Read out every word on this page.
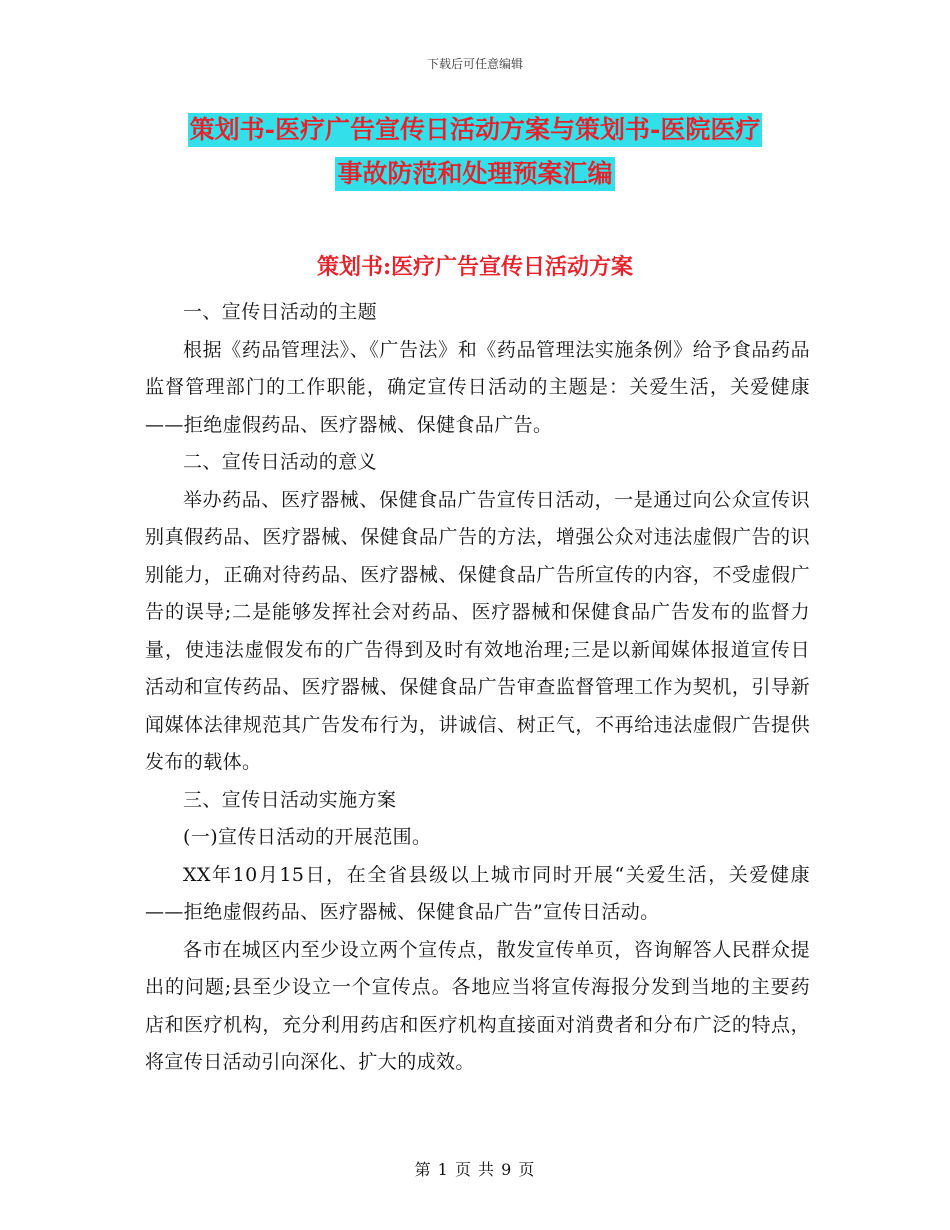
下载后可任意编辑
策划书-医疗广告宣传日活动方案与策划书-医院医疗
事故防范和处理预案汇编
策划书:医疗广告宣传日活动方案

一、宣传日活动的主题

根据《药品管理法》、《广告法》和《药品管理法实施条例》给予食品药品监督管理部门的工作职能，确定宣传日活动的主题是：关爱生活，关爱健康——拒绝虚假药品、医疗器械、保健食品广告。

二、宣传日活动的意义

举办药品、医疗器械、保健食品广告宣传日活动，一是通过向公众宣传识别真假药品、医疗器械、保健食品广告的方法，增强公众对违法虚假广告的识别能力，正确对待药品、医疗器械、保健食品广告所宣传的内容，不受虚假广告的误导;二是能够发挥社会对药品、医疗器械和保健食品广告发布的监督力量，使违法虚假发布的广告得到及时有效地治理;三是以新闻媒体报道宣传日活动和宣传药品、医疗器械、保健食品广告审查监督管理工作为契机，引导新闻媒体法律规范其广告发布行为，讲诚信、树正气，不再给违法虚假广告提供发布的载体。

三、宣传日活动实施方案

(一)宣传日活动的开展范围。

XX年10月15日，在全省县级以上城市同时开展“关爱生活，关爱健康——拒绝虚假药品、医疗器械、保健食品广告”宣传日活动。

各市在城区内至少设立两个宣传点，散发宣传单页，咨询解答人民群众提出的问题;县至少设立一个宣传点。各地应当将宣传海报分发到当地的主要药店和医疗机构，充分利用药店和医疗机构直接面对消费者和分布广泛的特点，将宣传日活动引向深化、扩大的成效。

第 1 页 共 9 页
